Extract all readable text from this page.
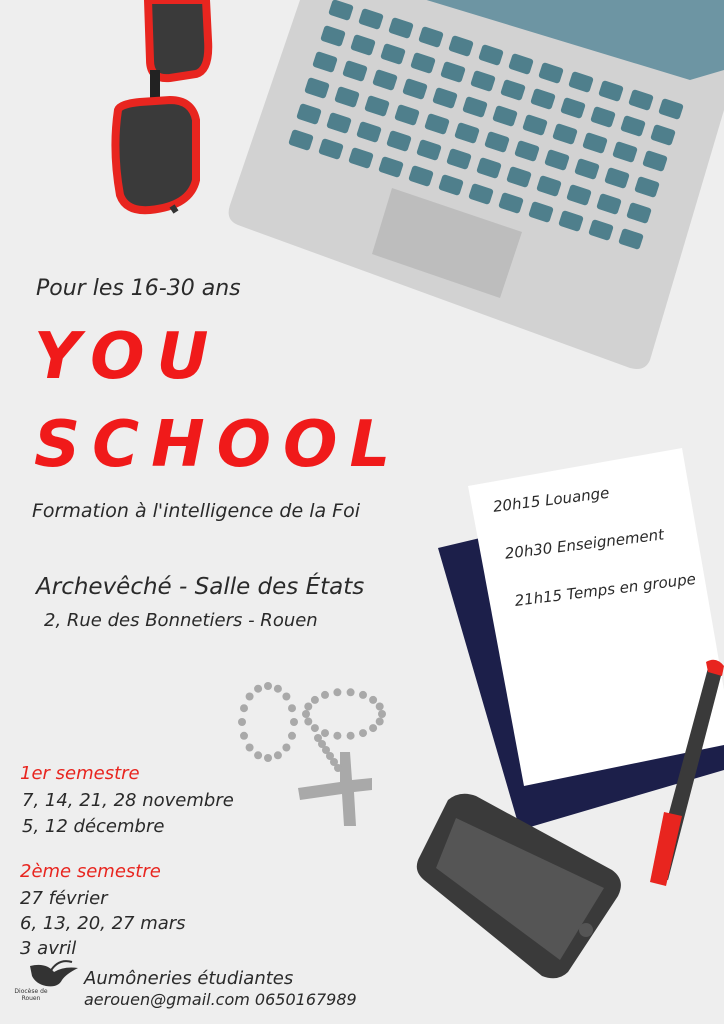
Pour les 16-30 ans
YOU
SCHOOL
Formation à l'intelligence de la Foi
Archevêché - Salle des États
2, Rue des Bonnetiers - Rouen
20h15 Louange
20h30 Enseignement
21h15 Temps en groupe
1er semestre
7, 14, 21, 28 novembre
5, 12 décembre
2ème semestre
27 février
6, 13, 20, 27 mars
3 avril
Diocèse de Rouen
Aumôneries étudiantes
aerouen@gmail.com 0650167989
